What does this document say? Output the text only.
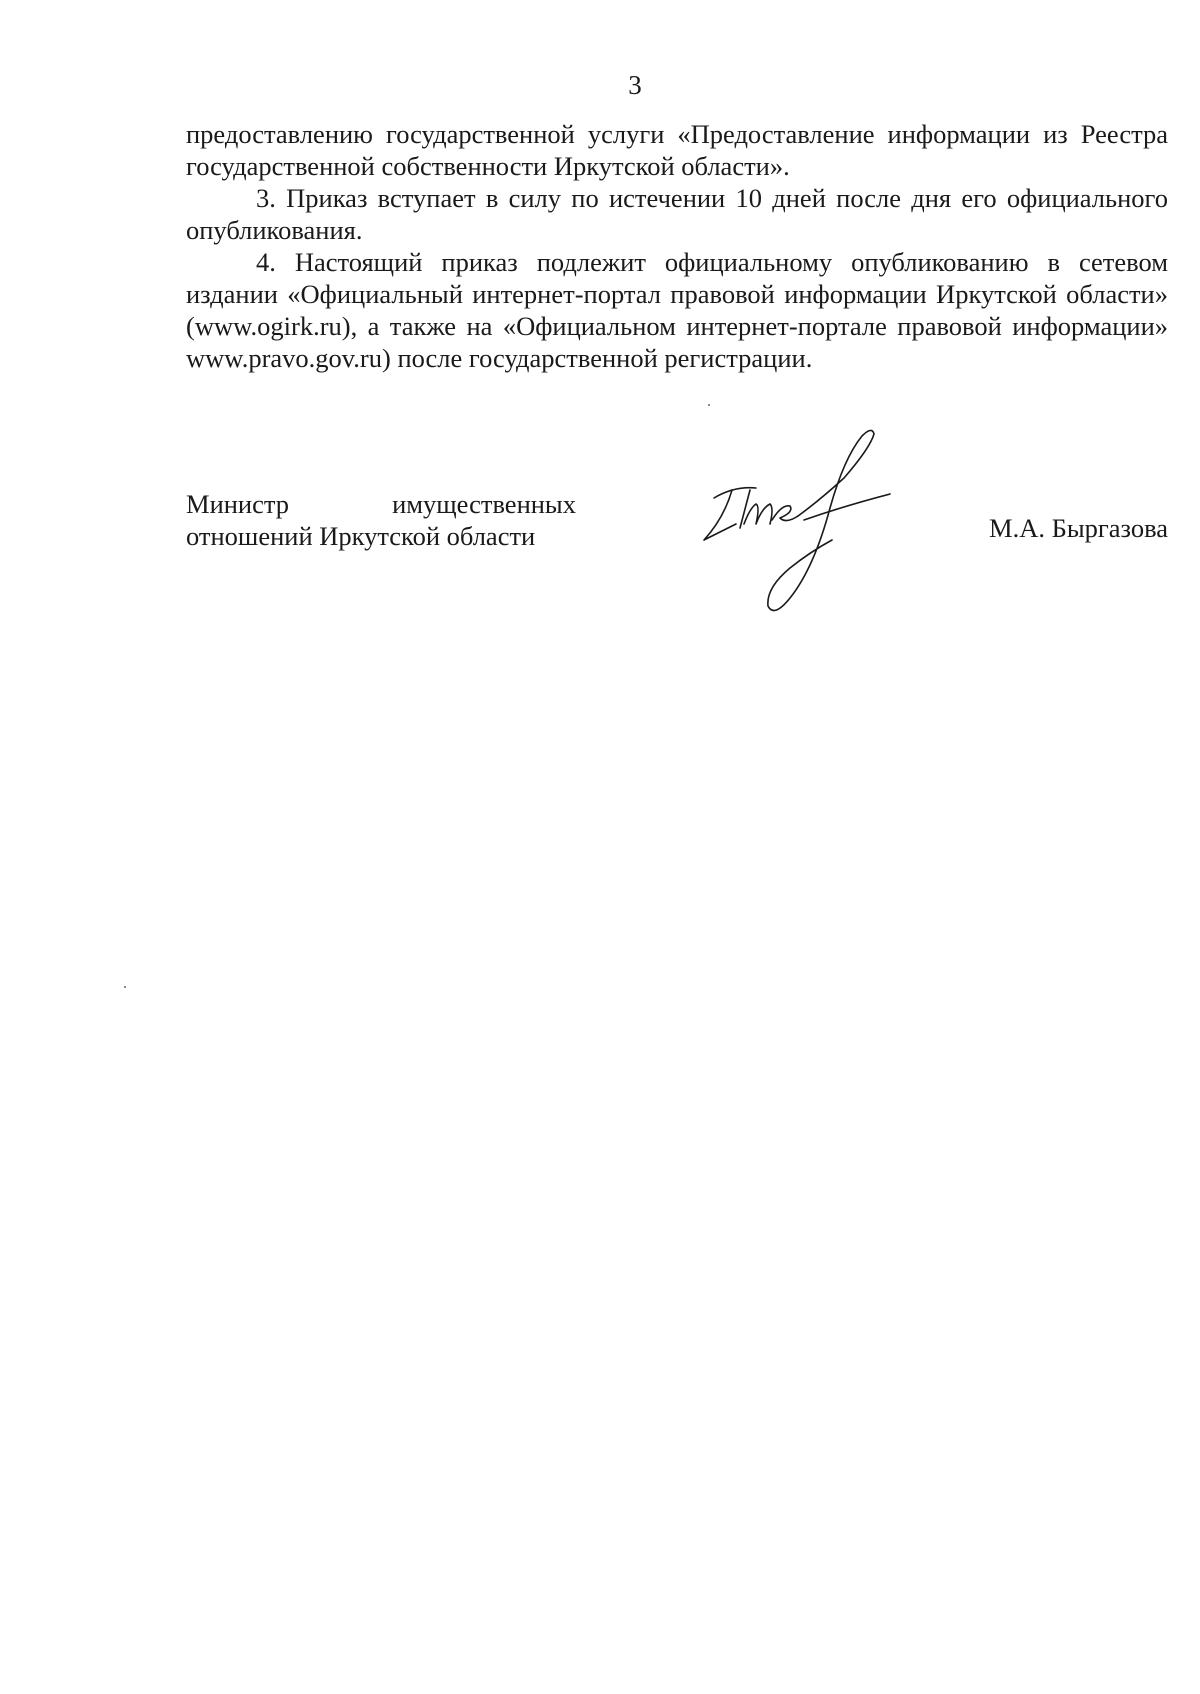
3

предоставлению государственной услуги «Предоставление информации из Реестра государственной собственности Иркутской области».

3. Приказ вступает в силу по истечении 10 дней после дня его официального опубликования.

4. Настоящий приказ подлежит официальному опубликованию в сетевом издании «Официальный интернет-портал правовой информации Иркутской области» (www.ogirk.ru), а также на «Официальном интернет-портале правовой информации» www.pravo.gov.ru) после государственной регистрации.

Министр	имущественных
отношений Иркутской области	М.А. Быргазова
